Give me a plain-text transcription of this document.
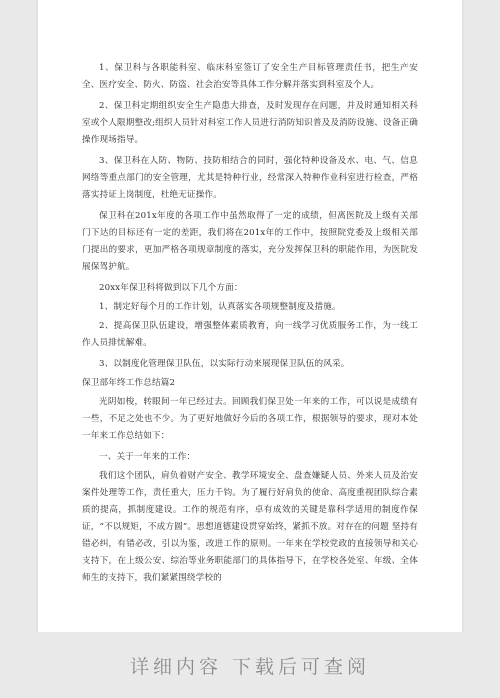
1、保卫科与各职能科室、临床科室签订了安全生产目标管理责任书，把生产安全、医疗安全、防火、防盗、社会治安等具体工作分解并落实到科室及个人。

2、保卫科定期组织安全生产隐患大排查，及时发现存在问题，并及时通知相关科室或个人限期整改;组织人员针对科室工作人员进行消防知识普及及消防设施、设备正确操作现场指导。

3、保卫科在人防、物防、技防相结合的同时，强化特种设备及水、电、气、信息网络等重点部门的安全管理，尤其是特种行业，经常深入特种作业科室进行检查，严格落实持证上岗制度，杜绝无证操作。

保卫科在201x年度的各项工作中虽然取得了一定的成绩，但离医院及上级有关部门下达的目标还有一定的差距，我们将在201x年的工作中，按照院党委及上级相关部门提出的要求，更加严格各项规章制度的落实，充分发挥保卫科的职能作用，为医院发展保驾护航。

20xx年保卫科将做到以下几个方面：

1、制定好每个月的工作计划，认真落实各项规整制度及措施。

2、提高保卫队伍建设，增强整体素质教育，向一线学习优质服务工作，为一线工作人员排忧解难。

3、以制度化管理保卫队伍，以实际行动来展现保卫队伍的风采。

保卫部年终工作总结篇2

光阴如梭，转眼间一年已经过去。回顾我们保卫处一年来的工作，可以说是成绩有一些，不足之处也不少。为了更好地做好今后的各项工作，根据领导的要求，现对本处一年来工作总结如下：

一、关于一年来的工作：

我们这个团队，肩负着财产安全、教学环境安全、盘查嫌疑人员、外来人员及治安案件处理等工作，责任重大，压力千钧。为了履行好肩负的使命、高度重视团队综合素质的提高，抓制度建设。工作的规范有序，卓有成效的关键是靠科学适用的制度作保证，“不以规矩，不成方圆”。思想道德建设贯穿始终，紧抓不放。对存在的问题 坚持有错必纠，有错必改，引以为鉴，改进工作的原则。一年来在学校党政的直接领导和关心支持下，在上级公安、综治等业务职能部门的具体指导下，在学校各处室、年级、全体师生的支持下，我们紧紧围绕学校的

详细内容 下载后可查阅
